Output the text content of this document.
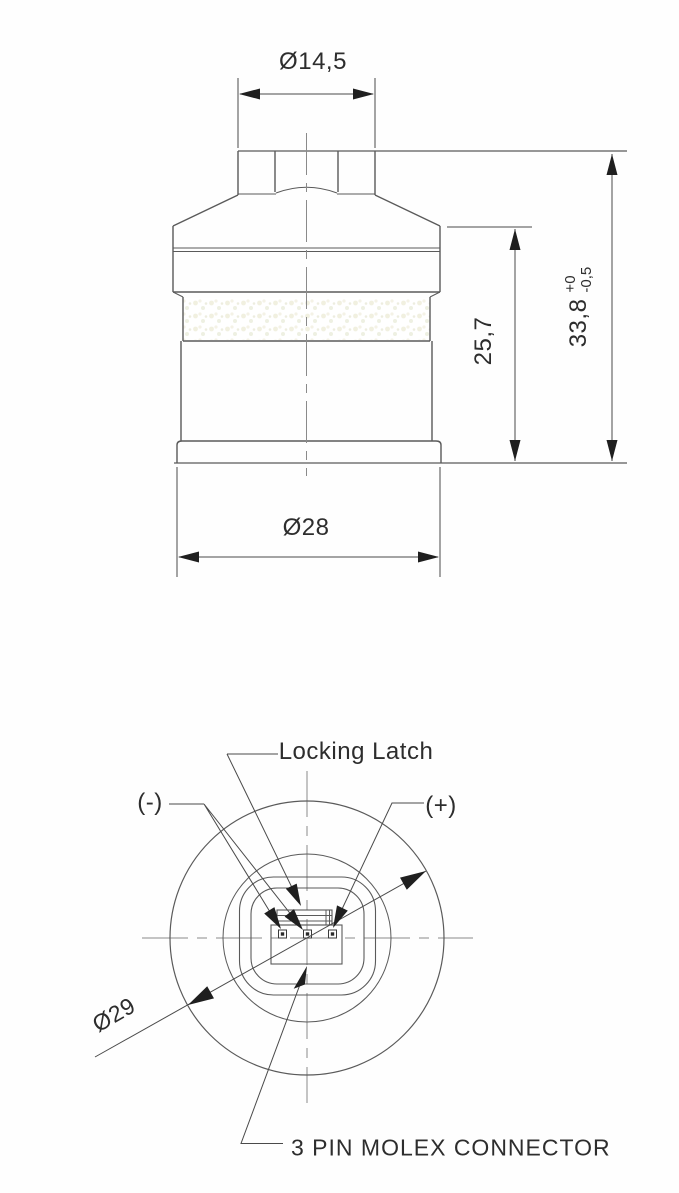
Ø14,5
25,7	33,8
+0 -0,5
Ø28
Locking Latch
(-)	(+)
Ø29
3 PIN MOLEX CONNECTOR
